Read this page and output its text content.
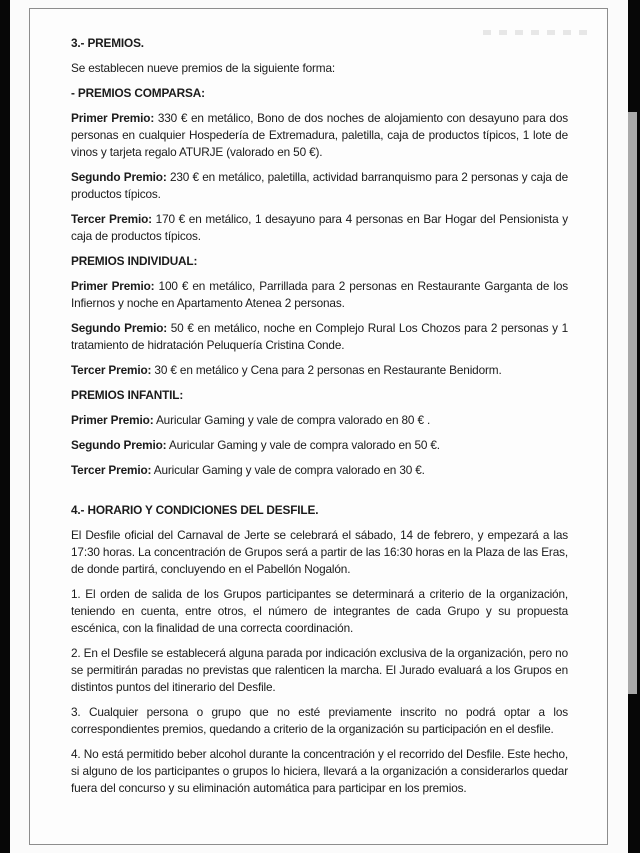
3.- PREMIOS.

Se establecen nueve premios de la siguiente forma:

- PREMIOS COMPARSA:

Primer Premio: 330 € en metálico, Bono de dos noches de alojamiento con desayuno para dos personas en cualquier Hospedería de Extremadura, paletilla, caja de productos típicos, 1 lote de vinos y tarjeta regalo ATURJE (valorado en 50 €).

Segundo Premio: 230 € en metálico, paletilla, actividad barranquismo para 2 personas y caja de productos típicos.

Tercer Premio: 170 € en metálico, 1 desayuno para 4 personas en Bar Hogar del Pensionista y caja de productos típicos.

PREMIOS INDIVIDUAL:

Primer Premio: 100 € en metálico, Parrillada para 2 personas en Restaurante Garganta de los Infiernos y noche en Apartamento Atenea 2 personas.

Segundo Premio: 50 € en metálico, noche en Complejo Rural Los Chozos para 2 personas y 1 tratamiento de hidratación Peluquería Cristina Conde.

Tercer Premio: 30 € en metálico y Cena para 2 personas en Restaurante Benidorm.

PREMIOS INFANTIL:

Primer Premio: Auricular Gaming y vale de compra valorado en 80 € .

Segundo Premio: Auricular Gaming y vale de compra valorado en 50 €.

Tercer Premio: Auricular Gaming y vale de compra valorado en 30 €.

4.- HORARIO Y CONDICIONES DEL DESFILE.

El Desfile oficial del Carnaval de Jerte se celebrará el sábado, 14 de febrero, y empezará a las 17:30 horas. La concentración de Grupos será a partir de las 16:30 horas en la Plaza de las Eras, de donde partirá, concluyendo en el Pabellón Nogalón.

1. El orden de salida de los Grupos participantes se determinará a criterio de la organización, teniendo en cuenta, entre otros, el número de integrantes de cada Grupo y su propuesta escénica, con la finalidad de una correcta coordinación.

2. En el Desfile se establecerá alguna parada por indicación exclusiva de la organización, pero no se permitirán paradas no previstas que ralenticen la marcha. El Jurado evaluará a los Grupos en distintos puntos del itinerario del Desfile.

3. Cualquier persona o grupo que no esté previamente inscrito no podrá optar a los correspondientes premios, quedando a criterio de la organización su participación en el desfile.

4. No está permitido beber alcohol durante la concentración y el recorrido del Desfile. Este hecho, si alguno de los participantes o grupos lo hiciera, llevará a la organización a considerarlos quedar fuera del concurso y su eliminación automática para participar en los premios.
